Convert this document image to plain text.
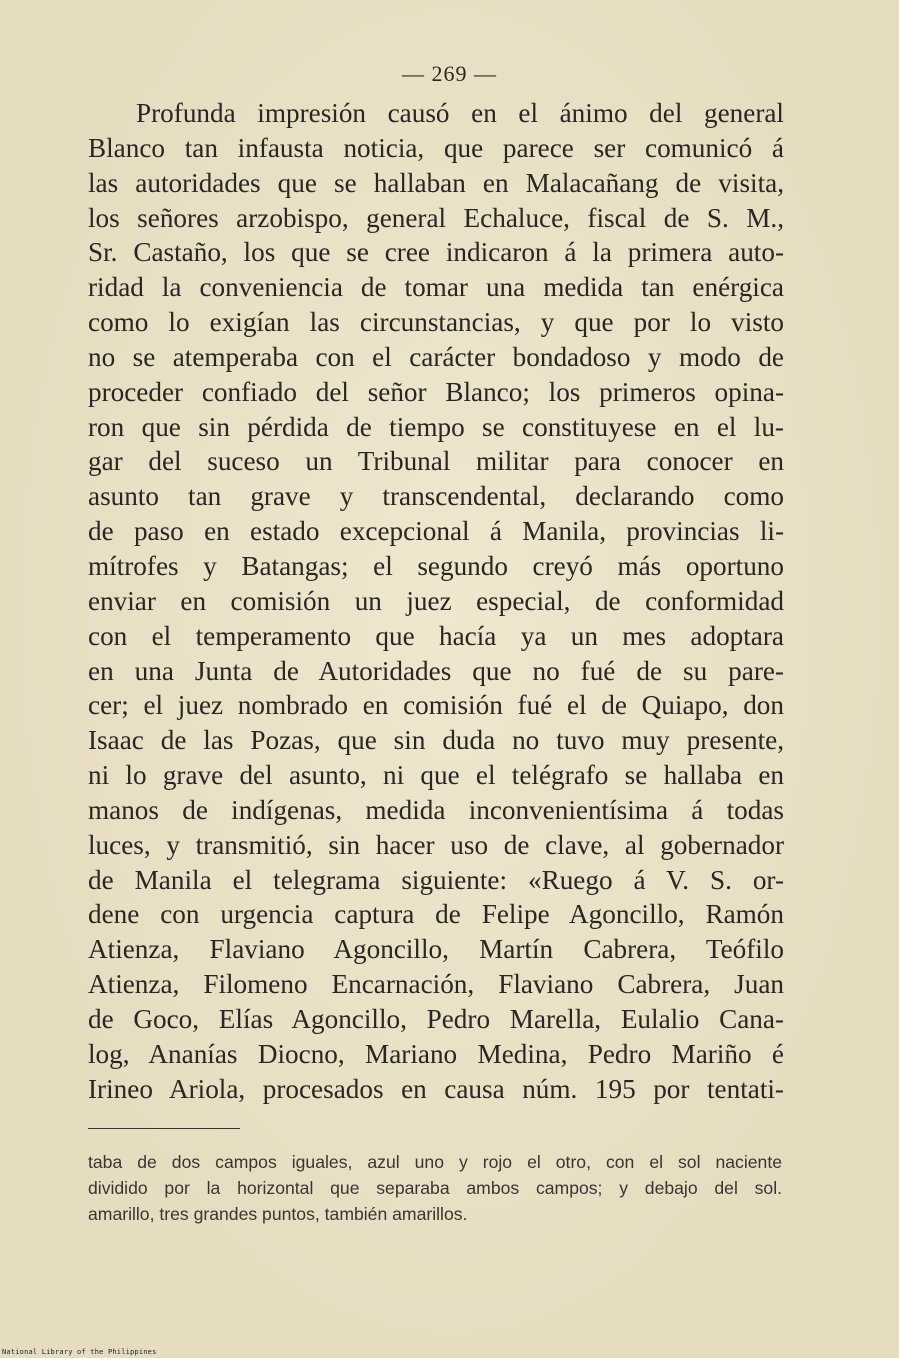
— 269 —
Profunda impresión causó en el ánimo del general
Blanco tan infausta noticia, que parece ser comunicó á
las autoridades que se hallaban en Malacañang de visita,
los señores arzobispo, general Echaluce, fiscal de S. M.,
Sr. Castaño, los que se cree indicaron á la primera auto-
ridad la conveniencia de tomar una medida tan enérgica
como lo exigían las circunstancias, y que por lo visto
no se atemperaba con el carácter bondadoso y modo de
proceder confiado del señor Blanco; los primeros opina-
ron que sin pérdida de tiempo se constituyese en el lu-
gar del suceso un Tribunal militar para conocer en
asunto tan grave y transcendental, declarando como
de paso en estado excepcional á Manila, provincias li-
mítrofes y Batangas; el segundo creyó más oportuno
enviar en comisión un juez especial, de conformidad
con el temperamento que hacía ya un mes adoptara
en una Junta de Autoridades que no fué de su pare-
cer; el juez nombrado en comisión fué el de Quiapo, don
Isaac de las Pozas, que sin duda no tuvo muy presente,
ni lo grave del asunto, ni que el telégrafo se hallaba en
manos de indígenas, medida inconvenientísima á todas
luces, y transmitió, sin hacer uso de clave, al gobernador
de Manila el telegrama siguiente: «Ruego á V. S. or-
dene con urgencia captura de Felipe Agoncillo, Ramón
Atienza, Flaviano Agoncillo, Martín Cabrera, Teófilo
Atienza, Filomeno Encarnación, Flaviano Cabrera, Juan
de Goco, Elías Agoncillo, Pedro Marella, Eulalio Cana-
log, Ananías Diocno, Mariano Medina, Pedro Mariño é
Irineo Ariola, procesados en causa núm. 195 por tentati-
taba de dos campos iguales, azul uno y rojo el otro, con el sol naciente
dividido por la horizontal que separaba ambos campos; y debajo del sol.
amarillo, tres grandes puntos, también amarillos.
National Library of the Philippines
